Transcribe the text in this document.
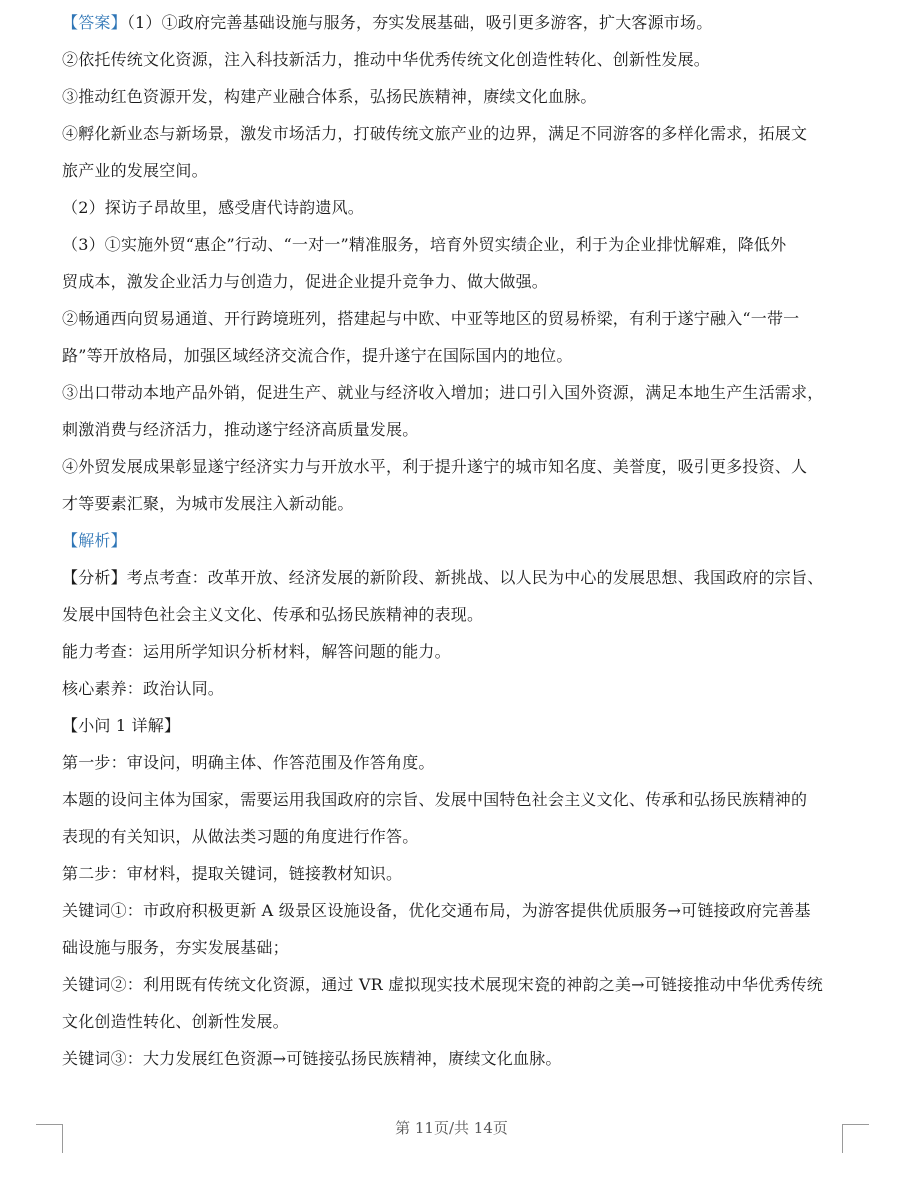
【答案】（1）①政府完善基础设施与服务，夯实发展基础，吸引更多游客，扩大客源市场。
②依托传统文化资源，注入科技新活力，推动中华优秀传统文化创造性转化、创新性发展。
③推动红色资源开发，构建产业融合体系，弘扬民族精神，赓续文化血脉。
④孵化新业态与新场景，激发市场活力，打破传统文旅产业的边界，满足不同游客的多样化需求，拓展文
旅产业的发展空间。
（2）探访子昂故里，感受唐代诗韵遗风。
（3）①实施外贸“惠企”行动、“一对一”精准服务，培育外贸实绩企业，利于为企业排忧解难，降低外
贸成本，激发企业活力与创造力，促进企业提升竞争力、做大做强。
②畅通西向贸易通道、开行跨境班列，搭建起与中欧、中亚等地区的贸易桥梁，有利于遂宁融入“一带一
路”等开放格局，加强区域经济交流合作，提升遂宁在国际国内的地位。
③出口带动本地产品外销，促进生产、就业与经济收入增加；进口引入国外资源，满足本地生产生活需求，
刺激消费与经济活力，推动遂宁经济高质量发展。
④外贸发展成果彰显遂宁经济实力与开放水平，利于提升遂宁的城市知名度、美誉度，吸引更多投资、人
才等要素汇聚，为城市发展注入新动能。
【解析】
【分析】考点考查：改革开放、经济发展的新阶段、新挑战、以人民为中心的发展思想、我国政府的宗旨、
发展中国特色社会主义文化、传承和弘扬民族精神的表现。
能力考查：运用所学知识分析材料，解答问题的能力。
核心素养：政治认同。
【小问 1 详解】
第一步：审设问，明确主体、作答范围及作答角度。
本题的设问主体为国家，需要运用我国政府的宗旨、发展中国特色社会主义文化、传承和弘扬民族精神的
表现的有关知识，从做法类习题的角度进行作答。
第二步：审材料，提取关键词，链接教材知识。
关键词①：市政府积极更新 A 级景区设施设备，优化交通布局，为游客提供优质服务→可链接政府完善基
础设施与服务，夯实发展基础；
关键词②：利用既有传统文化资源，通过 VR 虚拟现实技术展现宋瓷的神韵之美→可链接推动中华优秀传统
文化创造性转化、创新性发展。
关键词③：大力发展红色资源→可链接弘扬民族精神，赓续文化血脉。
第 11页/共 14页
